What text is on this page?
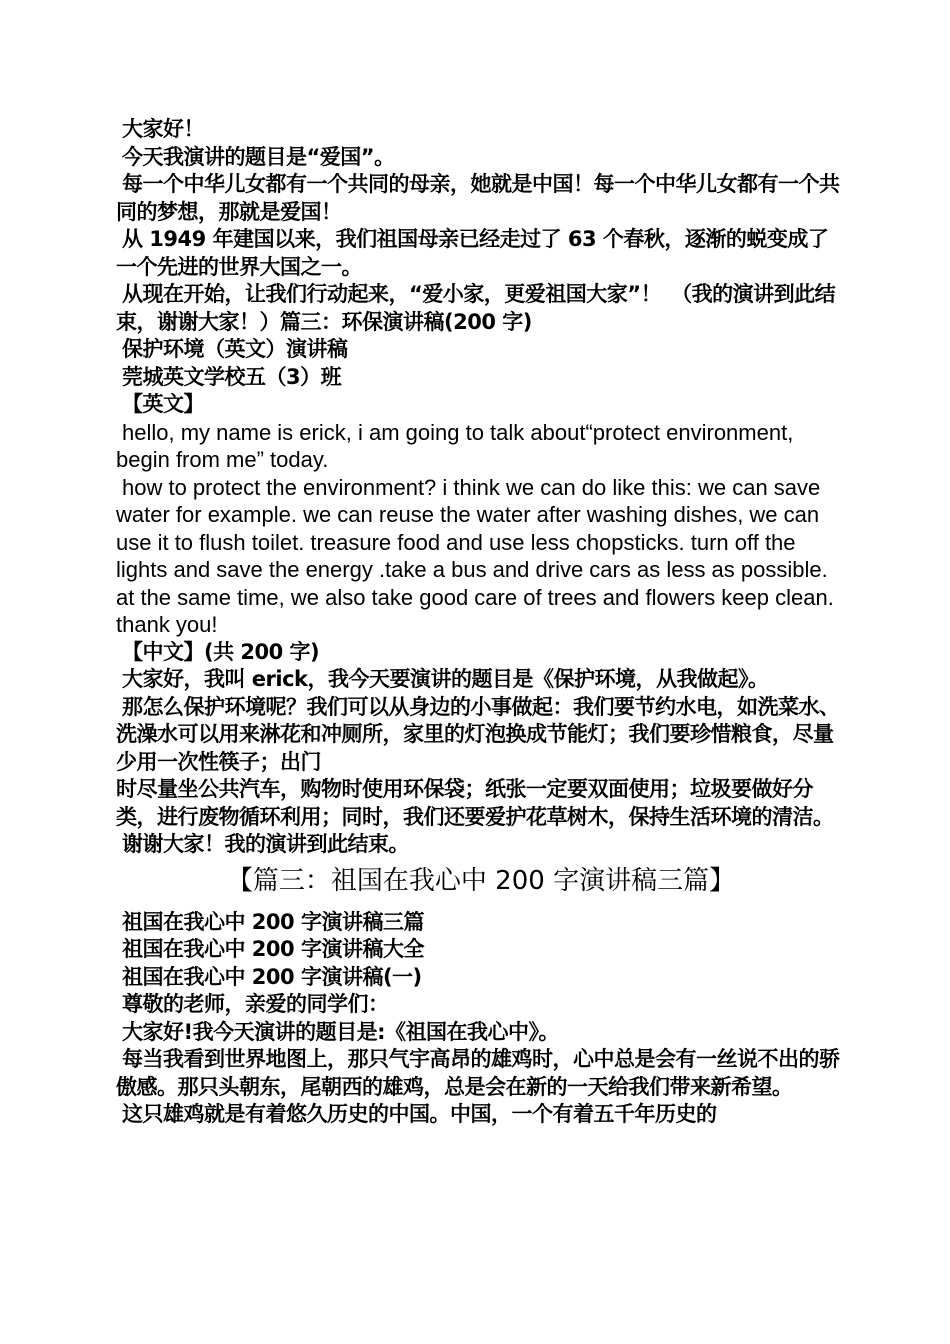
大家好！

今天我演讲的题目是“爱国”。

每一个中华儿女都有一个共同的母亲，她就是中国！每一个中华儿女都有一个共同的梦想，那就是爱国！

从 1949 年建国以来，我们祖国母亲已经走过了 63 个春秋，逐渐的蜕变成了一个先进的世界大国之一。

从现在开始，让我们行动起来，“爱小家，更爱祖国大家”！　（我的演讲到此结束，谢谢大家！）篇三：环保演讲稿(200 字)

保护环境（英文）演讲稿

莞城英文学校五（3）班

【英文】

hello, my name is erick, i am going to talk about“protect environment, begin from me” today.

how to protect the environment? i think we can do like this: we can save water for example. we can reuse the water after washing dishes, we can use it to flush toilet. treasure food and use less chopsticks. turn off the lights and save the energy .take a bus and drive cars as less as possible. at the same time, we also take good care of trees and flowers keep clean. thank you!

【中文】(共 200 字)

大家好，我叫 erick，我今天要演讲的题目是《保护环境，从我做起》。

那怎么保护环境呢？我们可以从身边的小事做起：我们要节约水电，如洗菜水、洗澡水可以用来淋花和冲厕所，家里的灯泡换成节能灯；我们要珍惜粮食，尽量少用一次性筷子；出门

时尽量坐公共汽车，购物时使用环保袋；纸张一定要双面使用；垃圾要做好分类，进行废物循环利用；同时，我们还要爱护花草树木，保持生活环境的清洁。

谢谢大家！我的演讲到此结束。

【篇三：祖国在我心中 200 字演讲稿三篇】

祖国在我心中 200 字演讲稿三篇

祖国在我心中 200 字演讲稿大全

祖国在我心中 200 字演讲稿(一)

尊敬的老师，亲爱的同学们：

大家好!我今天演讲的题目是:《祖国在我心中》。

每当我看到世界地图上，那只气宇高昂的雄鸡时，心中总是会有一丝说不出的骄傲感。那只头朝东，尾朝西的雄鸡，总是会在新的一天给我们带来新希望。

这只雄鸡就是有着悠久历史的中国。中国，一个有着五千年历史的
